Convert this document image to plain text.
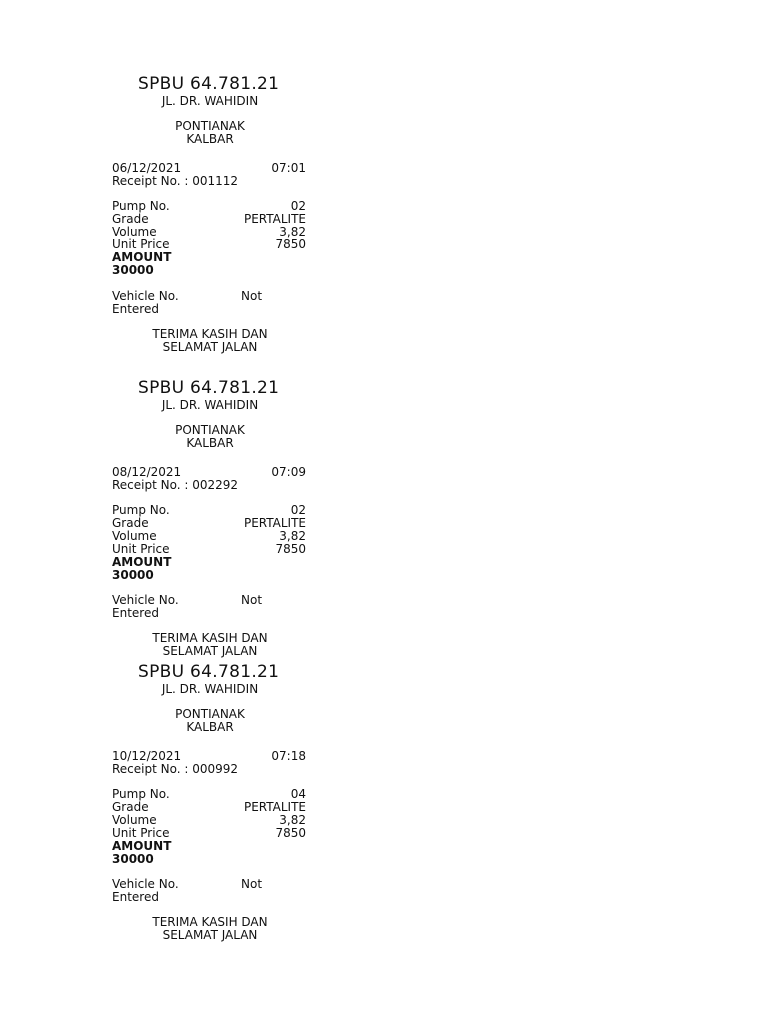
SPBU 64.781.21
JL. DR. WAHIDIN
PONTIANAK
KALBAR
06/12/2021	07:01
Receipt No. : 001112
Pump No.	02
Grade	PERTALITE
Volume	3,82
Unit Price	7850
AMOUNT
30000
Vehicle No.	Not
Entered
TERIMA KASIH DAN
SELAMAT JALAN
SPBU 64.781.21
JL. DR. WAHIDIN
PONTIANAK
KALBAR
08/12/2021	07:09
Receipt No. : 002292
Pump No.	02
Grade	PERTALITE
Volume	3,82
Unit Price	7850
AMOUNT
30000
Vehicle No.	Not
Entered
TERIMA KASIH DAN
SELAMAT JALAN
SPBU 64.781.21
JL. DR. WAHIDIN
PONTIANAK
KALBAR
10/12/2021	07:18
Receipt No. : 000992
Pump No.	04
Grade	PERTALITE
Volume	3,82
Unit Price	7850
AMOUNT
30000
Vehicle No.	Not
Entered
TERIMA KASIH DAN
SELAMAT JALAN
